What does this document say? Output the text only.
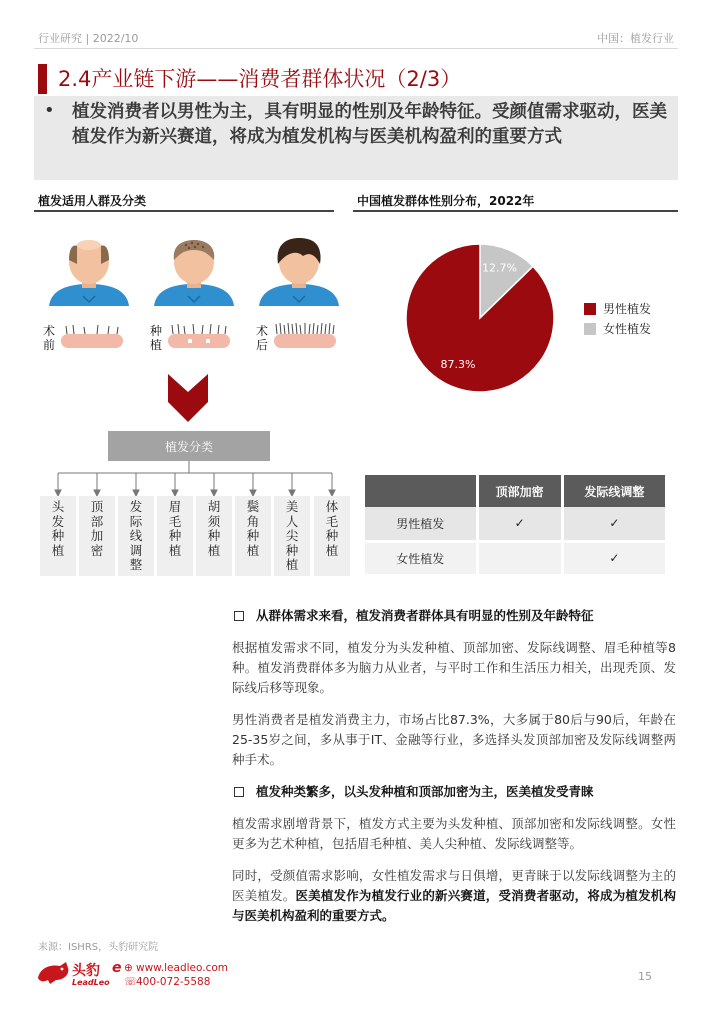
行业研究 | 2022/10	中国：植发行业
2.4产业链下游——消费者群体状况（2/3）
• 植发消费者以男性为主，具有明显的性别及年龄特征。受颜值需求驱动，医美植发作为新兴赛道，将成为植发机构与医美机构盈利的重要方式
植发适用人群及分类	中国植发群体性别分布，2022年
术前
种植
术后
植发分类
头发种植
顶部加密
发际线调整
眉毛种植
胡须种植
鬓角种植
美人尖种植
体毛种植
12.7%
87.3%
男性植发
女性植发
	顶部加密	发际线调整
男性植发	✓	✓
女性植发		✓
从群体需求来看，植发消费者群体具有明显的性别及年龄特征
根据植发需求不同，植发分为头发种植、顶部加密、发际线调整、眉毛种植等8种。植发消费群体多为脑力从业者，与平时工作和生活压力相关，出现秃顶、发际线后移等现象。
男性消费者是植发消费主力，市场占比87.3%，大多属于80后与90后，年龄在25-35岁之间，多从事于IT、金融等行业，多选择头发顶部加密及发际线调整两种手术。
植发种类繁多，以头发种植和顶部加密为主，医美植发受青睐
植发需求剧增背景下，植发方式主要为头发种植、顶部加密和发际线调整。女性更多为艺术种植，包括眉毛种植、美人尖种植、发际线调整等。
同时，受颜值需求影响，女性植发需求与日俱增，更青睐于以发际线调整为主的医美植发。医美植发作为植发行业的新兴赛道，受消费者驱动，将成为植发机构与医美机构盈利的重要方式。
来源：ISHRS，头豹研究院
头豹
LeadLeo
e ⊕ www.leadleo.com
☏
400-072-5588	15
